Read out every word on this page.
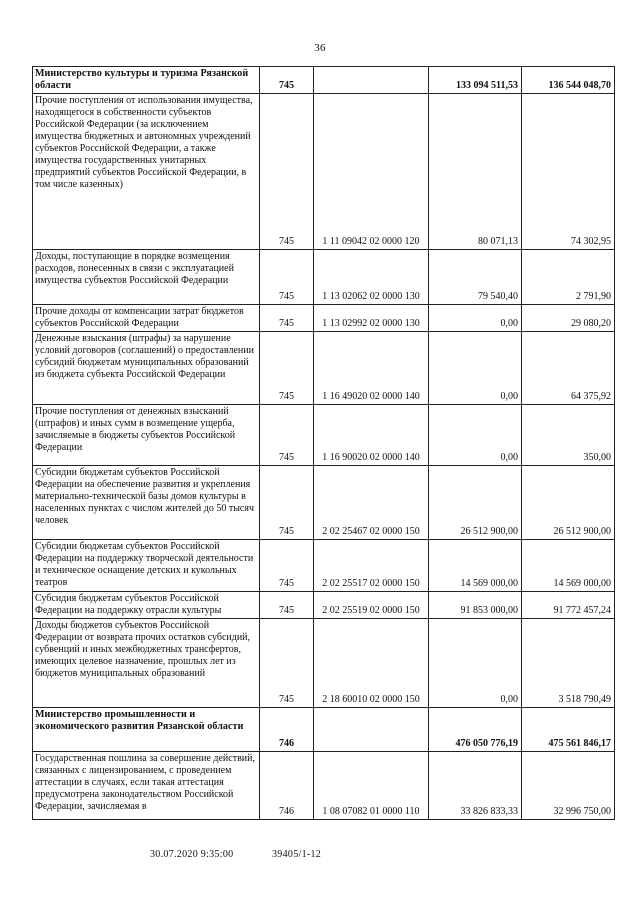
36
Министерство культуры и туризма Рязанской области	745		133 094 511,53	136 544 048,70
Прочие поступления от использования имущества, находящегося в собственности субъектов Российской Федерации (за исключением имущества бюджетных и автономных учреждений субъектов Российской Федерации, а также имущества государственных унитарных предприятий субъектов Российской Федерации, в том числе казенных)	745	1 11 09042 02 0000 120	80 071,13	74 302,95
Доходы, поступающие в порядке возмещения расходов, понесенных в связи с эксплуатацией имущества субъектов Российской Федерации	745	1 13 02062 02 0000 130	79 540,40	2 791,90
Прочие доходы от компенсации затрат бюджетов субъектов Российской Федерации	745	1 13 02992 02 0000 130	0,00	29 080,20
Денежные взыскания (штрафы) за нарушение условий договоров (соглашений) о предоставлении субсидий бюджетам муниципальных образований из бюджета субъекта Российской Федерации	745	1 16 49020 02 0000 140	0,00	64 375,92
Прочие поступления от денежных взысканий (штрафов) и иных сумм в возмещение ущерба, зачисляемые в бюджеты субъектов Российской Федерации	745	1 16 90020 02 0000 140	0,00	350,00
Субсидии бюджетам субъектов Российской Федерации на обеспечение развития и укрепления материально-технической базы домов культуры в населенных пунктах с числом жителей до 50 тысяч человек	745	2 02 25467 02 0000 150	26 512 900,00	26 512 900,00
Субсидии бюджетам субъектов Российской Федерации на поддержку творческой деятельности и техническое оснащение детских и кукольных театров	745	2 02 25517 02 0000 150	14 569 000,00	14 569 000,00
Субсидия бюджетам субъектов Российской Федерации на поддержку отрасли культуры	745	2 02 25519 02 0000 150	91 853 000,00	91 772 457,24
Доходы бюджетов субъектов Российской Федерации от возврата прочих остатков субсидий, субвенций и иных межбюджетных трансфертов, имеющих целевое назначение, прошлых лет из бюджетов муниципальных образований	745	2 18 60010 02 0000 150	0,00	3 518 790,49
Министерство промышленности и экономического развития Рязанской области	746		476 050 776,19	475 561 846,17
Государственная пошлина за совершение действий, связанных с лицензированием, с проведением аттестации в случаях, если такая аттестация предусмотрена законодательством Российской Федерации, зачисляемая в	746	1 08 07082 01 0000 110	33 826 833,33	32 996 750,00
30.07.2020 9:35:00	39405/1-12
